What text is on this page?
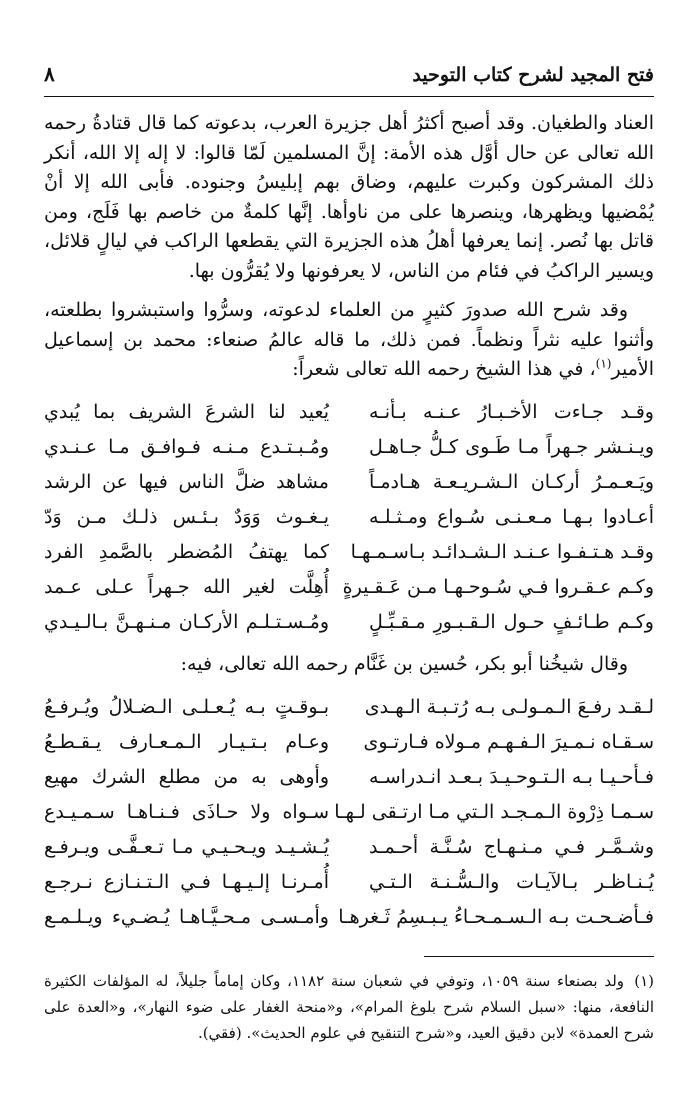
فتح المجيد لشرح كتاب التوحيد
٨

العناد والطغيان. وقد أصبح أكثرُ أهل جزيرة العرب، بدعوته كما قال قتادةُ رحمه الله تعالى عن حال أوَّل هذه الأمة: إنَّ المسلمين لَمّا قالوا: لا إله إلا الله، أنكر ذلك المشركون وكبرت عليهم، وضاق بهم إبليسُ وجنوده. فأبى الله إلا أنْ يُمْضيها ويظهرها، وينصرها على من ناوأها. إنَّها كلمةٌ من خاصم بها فَلَج، ومن قاتل بها نُصر. إنما يعرفها أهلُ هذه الجزيرة التي يقطعها الراكب في ليالٍ قلائل، ويسير الراكبُ في فئام من الناس، لا يعرفونها ولا يُقرُّون بها.

وقد شرح الله صدورَ كثيرٍ من العلماء لدعوته، وسرُّوا واستبشروا بطلعته، وأثنوا عليه نثراً ونظماً. فمن ذلك، ما قاله عالمُ صنعاء: محمد بن إسماعيل الأمير$^{(١)}$، في هذا الشيخ رحمه الله تعالى شعراً:

وقـد جـاءت الأخـبـارُ عـنـه بـأنـه
يُعيد لنا الشرعَ الشريف بما يُبدي
ويـنـشر جـهراً مـا طَـوى كـلُّ جـاهـل
ومُـبـتـدع مـنـه فـوافـق مـا عـنـدي
ويَـعـمـرُ أركـان الـشـريـعـة هـادمـاً
مشاهد ضلَّ الناس فيها عن الرشد
أعـادوا بـهـا مـعـنـى سُـواع ومـثـلـه
يـغـوث وَوَدٌ بـئـس ذلـك مـن وَدّ
وقـد هـتـفـوا عـنـد الـشـدائـد بـاسـمـهـا
كما يهتفُ المُضطر بالصَّمدِ الفرد
وكـم عـقـروا فـي سُـوحـهـا مـن عَـقـيرةٍ
أُهِلَّت لغير الله جـهراً عـلى عـمد
وكـم طـائـفٍ حـول الـقـبـورِ مـقـبِّـلٍ
ومُـسـتـلـم الأركـان مـنـهـنَّ بـالـيـدي

وقال شيخُنا أبو بكر، حُسين بن غَنَّام رحمه الله تعالى، فيه:

لـقـد رفـعَ الـمـولـى بـه رُتـبـة الـهـدى
بـوقـتٍ بـه يُـعـلـى الـضـلالُ ويُـرفـعُ
سـقـاه نـمـيرَ الـفـهـم مـولاه فـارتـوى
وعـام بـتـيـار الـمـعـارف يـقـطـعُ
فـأحـيـا بـه الـتـوحـيـدَ بـعـد انـدراسـه
وأوهى به من مطلع الشرك مهيع
سـمـا ذِرْوة الـمـجـد الـتي مـا ارتـقى لـهـا
سـواه ولا حـاذَى فـنـاهـا سـمـيـدع
وشـمَّـر فـي مـنـهـاج سُـنَّـة أحـمـد
يُـشـيـد ويـحـيـي مـا تـعـفَّـى ويـرفـع
يُـنـاظـر بـالآيـات والـسُّـنـة الـتـي
أُمـرنـا إلـيـهـا فـي الـتـنـازع نـرجـع
فـأضـحـت بـه الـسـمـحـاءُ يـبـسِمُ ثَـغرهـا
وأمـسـى مـحـيَّـاهـا يُـضـيء ويـلـمـع
(١)ولد بصنعاء سنة ١٠٥٩، وتوفي في شعبان سنة ١١٨٢، وكان إماماً جليلاً، له المؤلفات الكثيرة النافعة، منها: «سبل السلام شرح بلوغ المرام»، و«منحة الغفار على ضوء النهار»، و«العدة على شرح العمدة» لابن دقيق العيد، و«شرح التنقيح في علوم الحديث». (فقي).
